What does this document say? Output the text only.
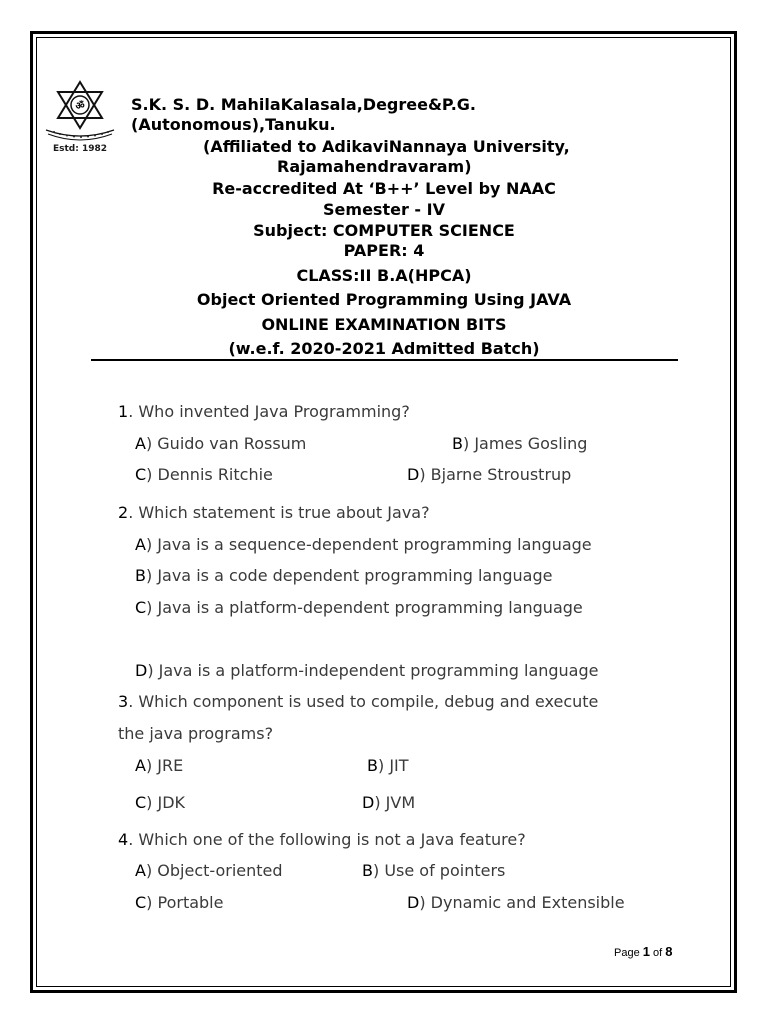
ॐ
Estd: 1982
S.K. S. D. MahilaKalasala,Degree&P.G.
(Autonomous),Tanuku.
(Affiliated to AdikaviNannaya University,
Rajamahendravaram)
Re-accredited At ‘B++’ Level by NAAC
Semester - IV
Subject: COMPUTER SCIENCE
PAPER: 4
CLASS:II B.A(HPCA)
Object Oriented Programming Using JAVA
ONLINE EXAMINATION BITS
(w.e.f. 2020-2021 Admitted Batch)
1. Who invented Java Programming?
A) Guido van Rossum	B) James Gosling
C) Dennis Ritchie	D) Bjarne Stroustrup
2. Which statement is true about Java?
A) Java is a sequence-dependent programming language
B) Java is a code dependent programming language
C) Java is a platform-dependent programming language
D) Java is a platform-independent programming language
3. Which component is used to compile, debug and execute
the java programs?
A) JRE	B) JIT
C) JDK	D) JVM
4. Which one of the following is not a Java feature?
A) Object-oriented	B) Use of pointers
C) Portable	D) Dynamic and Extensible
Page 1 of 8
